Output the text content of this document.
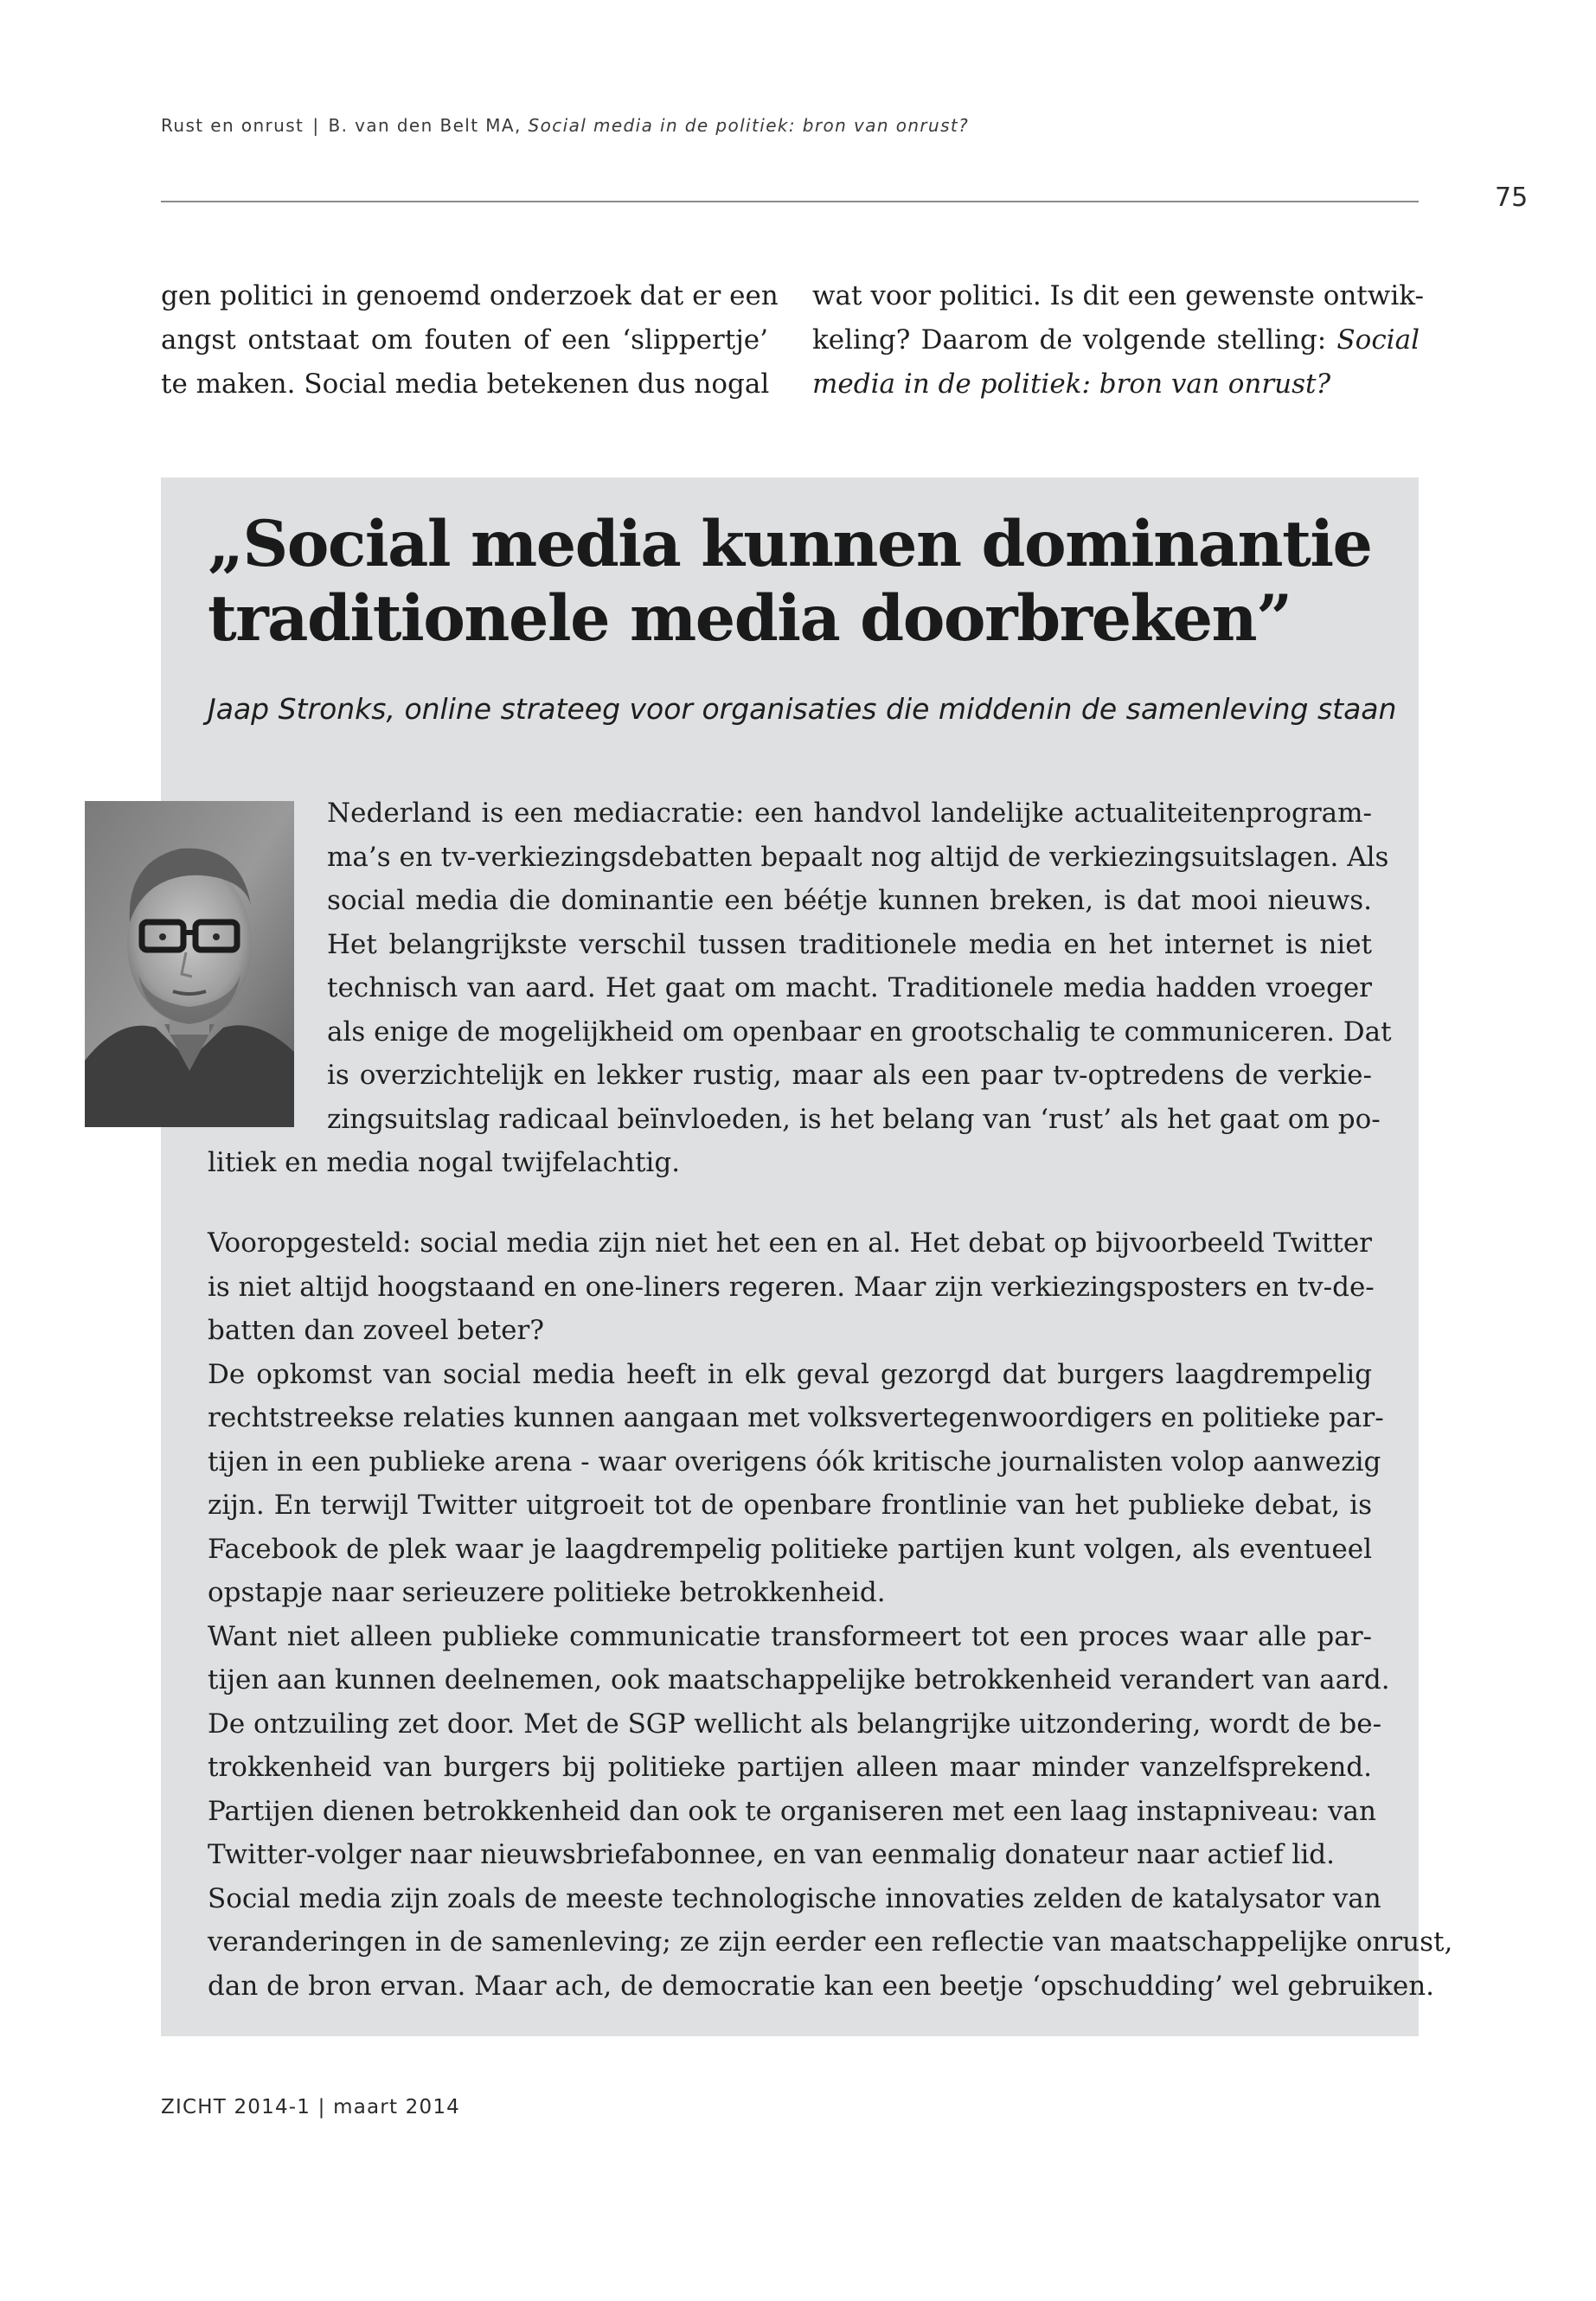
Rust en onrust | B. van den Belt MA, Social media in de politiek: bron van onrust?
75
gen politici in genoemd onderzoek dat er een
angst ontstaat om fouten of een ‘slippertje’
te maken. Social media betekenen dus nogal
wat voor politici. Is dit een gewenste ontwik-
keling? Daarom de volgende stelling: Social
media in de politiek: bron van onrust?
„Social media kunnen dominantie
traditionele media doorbreken”
Jaap Stronks, online strateeg voor organisaties die middenin de samenleving staan
Nederland is een mediacratie: een handvol landelijke actualiteitenprogram-
ma’s en tv-verkiezingsdebatten bepaalt nog altijd de verkiezingsuitslagen. Als
social media die dominantie een béétje kunnen breken, is dat mooi nieuws.
Het belangrijkste verschil tussen traditionele media en het internet is niet
technisch van aard. Het gaat om macht. Traditionele media hadden vroeger
als enige de mogelijkheid om openbaar en grootschalig te communiceren. Dat
is overzichtelijk en lekker rustig, maar als een paar tv-optredens de verkie-
zingsuitslag radicaal beïnvloeden, is het belang van ‘rust’ als het gaat om po-
litiek en media nogal twijfelachtig.
Vooropgesteld: social media zijn niet het een en al. Het debat op bijvoorbeeld Twitter
is niet altijd hoogstaand en one-liners regeren. Maar zijn verkiezingsposters en tv-de-
batten dan zoveel beter?
De opkomst van social media heeft in elk geval gezorgd dat burgers laagdrempelig
rechtstreekse relaties kunnen aangaan met volksvertegenwoordigers en politieke par-
tijen in een publieke arena - waar overigens óók kritische journalisten volop aanwezig
zijn. En terwijl Twitter uitgroeit tot de openbare frontlinie van het publieke debat, is
Facebook de plek waar je laagdrempelig politieke partijen kunt volgen, als eventueel
opstapje naar serieuzere politieke betrokkenheid.
Want niet alleen publieke communicatie transformeert tot een proces waar alle par-
tijen aan kunnen deelnemen, ook maatschappelijke betrokkenheid verandert van aard.
De ontzuiling zet door. Met de SGP wellicht als belangrijke uitzondering, wordt de be-
trokkenheid van burgers bij politieke partijen alleen maar minder vanzelfsprekend.
Partijen dienen betrokkenheid dan ook te organiseren met een laag instapniveau: van
Twitter-volger naar nieuwsbriefabonnee, en van eenmalig donateur naar actief lid.
Social media zijn zoals de meeste technologische innovaties zelden de katalysator van
veranderingen in de samenleving; ze zijn eerder een reflectie van maatschappelijke onrust,
dan de bron ervan. Maar ach, de democratie kan een beetje ‘opschudding’ wel gebruiken.
ZICHT 2014-1 | maart 2014
